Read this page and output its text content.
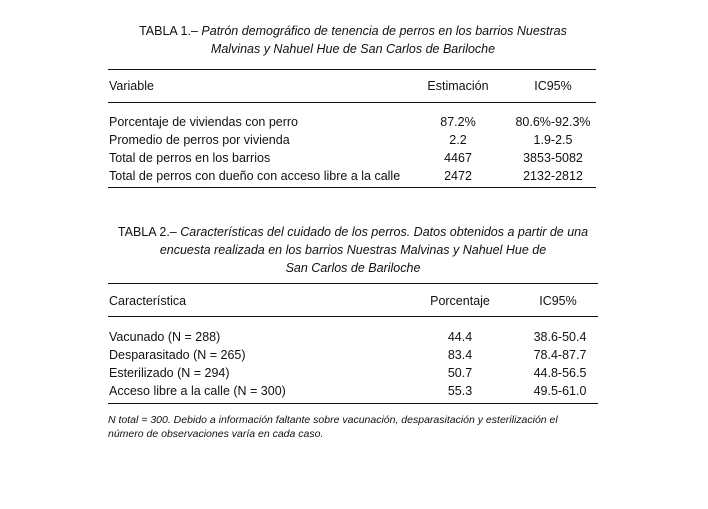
TABLA 1.– Patrón demográfico de tenencia de perros en los barrios Nuestras
Malvinas y Nahuel Hue de San Carlos de Bariloche
Variable	Estimación	IC95%
Porcentaje de viviendas con perro	87.2%	80.6%-92.3%
Promedio de perros por vivienda	2.2	1.9-2.5
Total de perros en los barrios	4467	3853-5082
Total de perros con dueño con acceso libre a la calle	2472	2132-2812
TABLA 2.– Características del cuidado de los perros. Datos obtenidos a partir de una
encuesta realizada en los barrios Nuestras Malvinas y Nahuel Hue de
San Carlos de Bariloche
Característica	Porcentaje	IC95%
Vacunado (N = 288)	44.4	38.6-50.4
Desparasitado (N = 265)	83.4	78.4-87.7
Esterilizado (N = 294)	50.7	44.8-56.5
Acceso libre a la calle (N = 300)	55.3	49.5-61.0
N total = 300. Debido a información faltante sobre vacunación, desparasitación y esterilización el
número de observaciones varía en cada caso.
